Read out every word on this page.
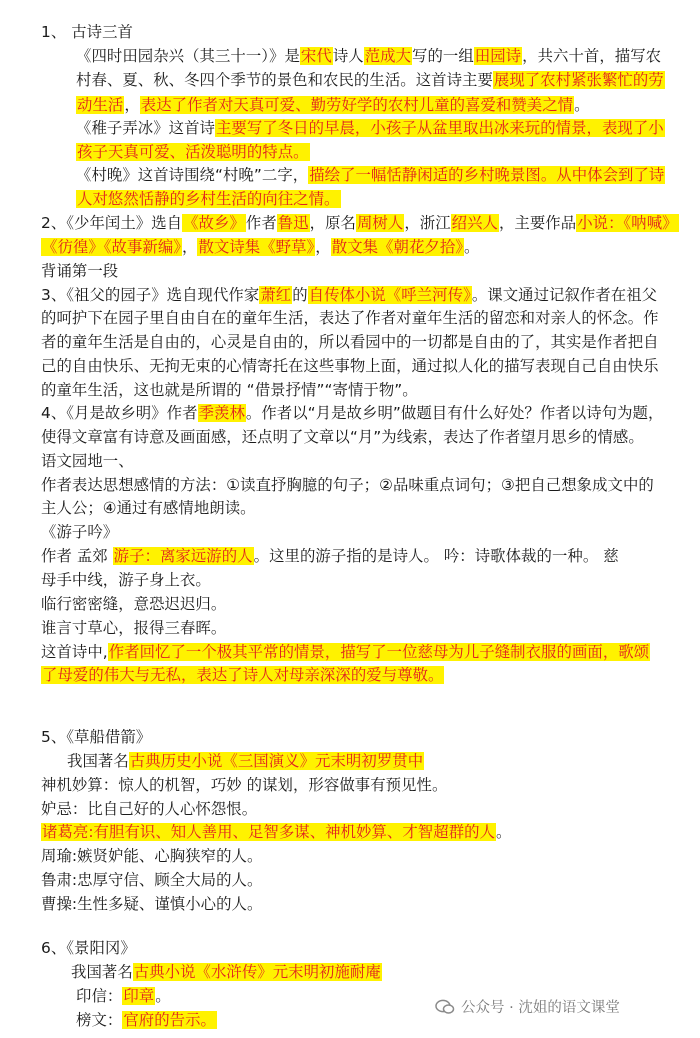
1、 古诗三首
《四时田园杂兴（其三十一）》是宋代诗人范成大写的一组田园诗，共六十首，描写农
村春、夏、秋、冬四个季节的景色和农民的生活。这首诗主要展现了农村紧张繁忙的劳
动生活，表达了作者对天真可爱、勤劳好学的农村儿童的喜爱和赞美之情。
《稚子弄冰》这首诗主要写了冬日的早晨，小孩子从盆里取出冰来玩的情景，表现了小
孩子天真可爱、活泼聪明的特点。
《村晚》这首诗围绕“村晚”二字，描绘了一幅恬静闲适的乡村晚景图。从中体会到了诗
人对悠然恬静的乡村生活的向往之情。
2、《少年闰土》选自《故乡》作者鲁迅，原名周树人，浙江绍兴人，主要作品小说：《呐喊》
《彷徨》《故事新编》，散文诗集《野草》，散文集《朝花夕拾》。
背诵第一段
3、《祖父的园子》选自现代作家萧红的自传体小说《呼兰河传》。课文通过记叙作者在祖父
的呵护下在园子里自由自在的童年生活，表达了作者对童年生活的留恋和对亲人的怀念。作
者的童年生活是自由的，心灵是自由的，所以看园中的一切都是自由的了，其实是作者把自
己的自由快乐、无拘无束的心情寄托在这些事物上面，通过拟人化的描写表现自己自由快乐
的童年生活，这也就是所谓的 “借景抒情”“寄情于物”。
4、《月是故乡明》作者季羡林。作者以“月是故乡明”做题目有什么好处？作者以诗句为题，
使得文章富有诗意及画面感，还点明了文章以“月”为线索，表达了作者望月思乡的情感。
语文园地一、
作者表达思想感情的方法：①读直抒胸臆的句子；②品味重点词句；③把自己想象成文中的
主人公；④通过有感情地朗读。
《游子吟》
作者 孟郊 游子：离家远游的人。这里的游子指的是诗人。 吟：诗歌体裁的一种。 慈
母手中线，游子身上衣。
临行密密缝，意恐迟迟归。
谁言寸草心，报得三春晖。
这首诗中,作者回忆了一个极其平常的情景，描写了一位慈母为儿子缝制衣服的画面，歌颂
了母爱的伟大与无私，表达了诗人对母亲深深的爱与尊敬。
5、《草船借箭》
我国著名古典历史小说《三国演义》元末明初罗贯中
神机妙算：惊人的机智，巧妙 的谋划，形容做事有预见性。
妒忌：比自己好的人心怀怨恨。
诸葛亮:有胆有识、知人善用、足智多谋、神机妙算、才智超群的人。
周瑜:嫉贤妒能、心胸狭窄的人。
鲁肃:忠厚守信、顾全大局的人。
曹操:生性多疑、谨慎小心的人。
6、《景阳冈》
我国著名古典小说《水浒传》元末明初施耐庵
印信：印章。
榜文：官府的告示。
公众号 · 沈姐的语文课堂
